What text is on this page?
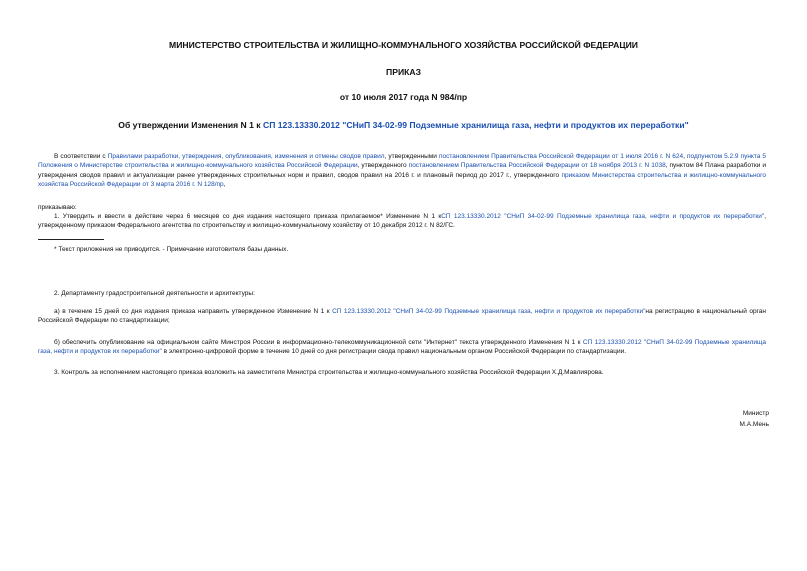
МИНИСТЕРСТВО СТРОИТЕЛЬСТВА И ЖИЛИЩНО-КОММУНАЛЬНОГО ХОЗЯЙСТВА РОССИЙСКОЙ ФЕДЕРАЦИИ
ПРИКАЗ
от 10 июля 2017 года N 984/пр
Об утверждении Изменения N 1 к СП 123.13330.2012 "СНиП 34-02-99 Подземные хранилища газа, нефти и продуктов их переработки"
В соответствии с Правилами разработки, утверждения, опубликования, изменения и отмены сводов правил, утвержденными постановлением Правительства Российской Федерации от 1 июля 2016 г. N 624, подпунктом 5.2.9 пункта 5 Положения о Министерстве строительства и жилищно-коммунального хозяйства Российской Федерации, утвержденного постановлением Правительства Российской Федерации от 18 ноября 2013 г. N 1038, пунктом 84 Плана разработки и утверждения сводов правил и актуализации ранее утвержденных строительных норм и правил, сводов правил на 2016 г. и плановый период до 2017 г., утвержденного приказом Министерства строительства и жилищно-коммунального хозяйства Российской Федерации от 3 марта 2016 г. N 128/пр,
приказываю:
1. Утвердить и ввести в действие через 6 месяцев со дня издания настоящего приказа прилагаемое* Изменение N 1 кСП 123.13330.2012 "СНиП 34-02-99 Подземные хранилища газа, нефти и продуктов их переработки", утвержденному приказом Федерального агентства по строительству и жилищно-коммунальному хозяйству от 10 декабря 2012 г. N 82/ГС.
* Текст приложения не приводится. - Примечание изготовителя базы данных.
2. Департаменту градостроительной деятельности и архитектуры:
а) в течение 15 дней со дня издания приказа направить утвержденное Изменение N 1 к СП 123.13330.2012 "СНиП 34-02-99 Подземные хранилища газа, нефти и продуктов их переработки"на регистрацию в национальный орган Российской Федерации по стандартизации;
б) обеспечить опубликование на официальном сайте Минстроя России в информационно-телекоммуникационной сети "Интернет" текста утвержденного Изменения N 1 к СП 123.13330.2012 "СНиП 34-02-99 Подземные хранилища газа, нефти и продуктов их переработки" в электронно-цифровой форме в течение 10 дней со дня регистрации свода правил национальным органом Российской Федерации по стандартизации.
3. Контроль за исполнением настоящего приказа возложить на заместителя Министра строительства и жилищно-коммунального хозяйства Российской Федерации Х.Д.Мавлиярова.
Министр
М.А.Мень
